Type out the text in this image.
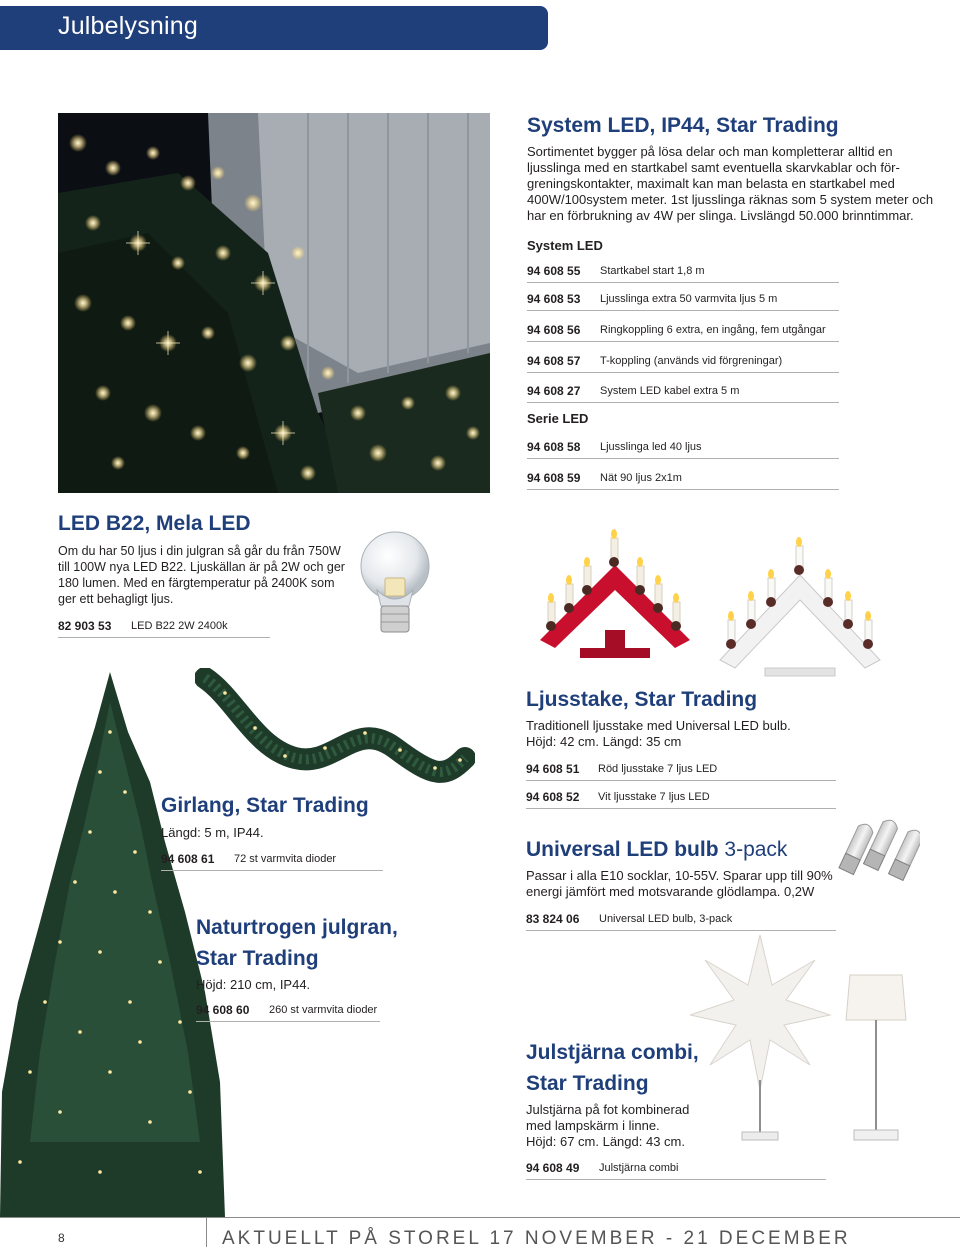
Julbelysning
System LED, IP44, Star Trading
Sortimentet bygger på lösa delar och man kompletterar alltid en
ljusslinga med en startkabel samt eventuella skarvkablar och för-
greningskontakter, maximalt kan man belasta en startkabel med
400W/100system meter. 1st ljusslinga räknas som 5 system meter och
har en förbrukning av 4W per slinga. Livslängd 50.000 brinntimmar.
System LED
94 608 55 Startkabel start 1,8 m
94 608 53 Ljusslinga extra 50 varmvita ljus 5 m
94 608 56 Ringkoppling 6 extra, en ingång, fem utgångar
94 608 57 T-koppling (används vid förgreningar)
94 608 27 System LED kabel extra 5 m
Serie LED
94 608 58 Ljusslinga led 40 ljus
94 608 59 Nät 90 ljus 2x1m
LED B22, Mela LED
Om du har 50 ljus i din julgran så går du från 750W
till 100W nya LED B22. Ljuskällan är på 2W och ger
180 lumen. Med en färgtemperatur på 2400K som
ger ett behagligt ljus.
82 903 53 LED B22 2W 2400k
Ljusstake, Star Trading
Traditionell ljusstake med Universal LED bulb.
Höjd: 42 cm. Längd: 35 cm
94 608 51 Röd ljusstake 7 ljus LED
94 608 52 Vit ljusstake 7 ljus LED
Girlang, Star Trading
Längd: 5 m, IP44.
94 608 61 72 st varmvita dioder	Universal LED bulb 3-pack
Passar i alla E10 socklar, 10-55V. Sparar upp till 90%
energi jämfört med motsvarande glödlampa. 0,2W
83 824 06 Universal LED bulb, 3-pack
Naturtrogen julgran,
Star Trading
Höjd: 210 cm, IP44.
94 608 60 260 st varmvita dioder
Julstjärna combi,
Star Trading
Julstjärna på fot kombinerad
med lampskärm i linne.
Höjd: 67 cm. Längd: 43 cm.
94 608 49 Julstjärna combi
8	AKTUELLT PÅ STOREL 17 NOVEMBER - 21 DECEMBER
